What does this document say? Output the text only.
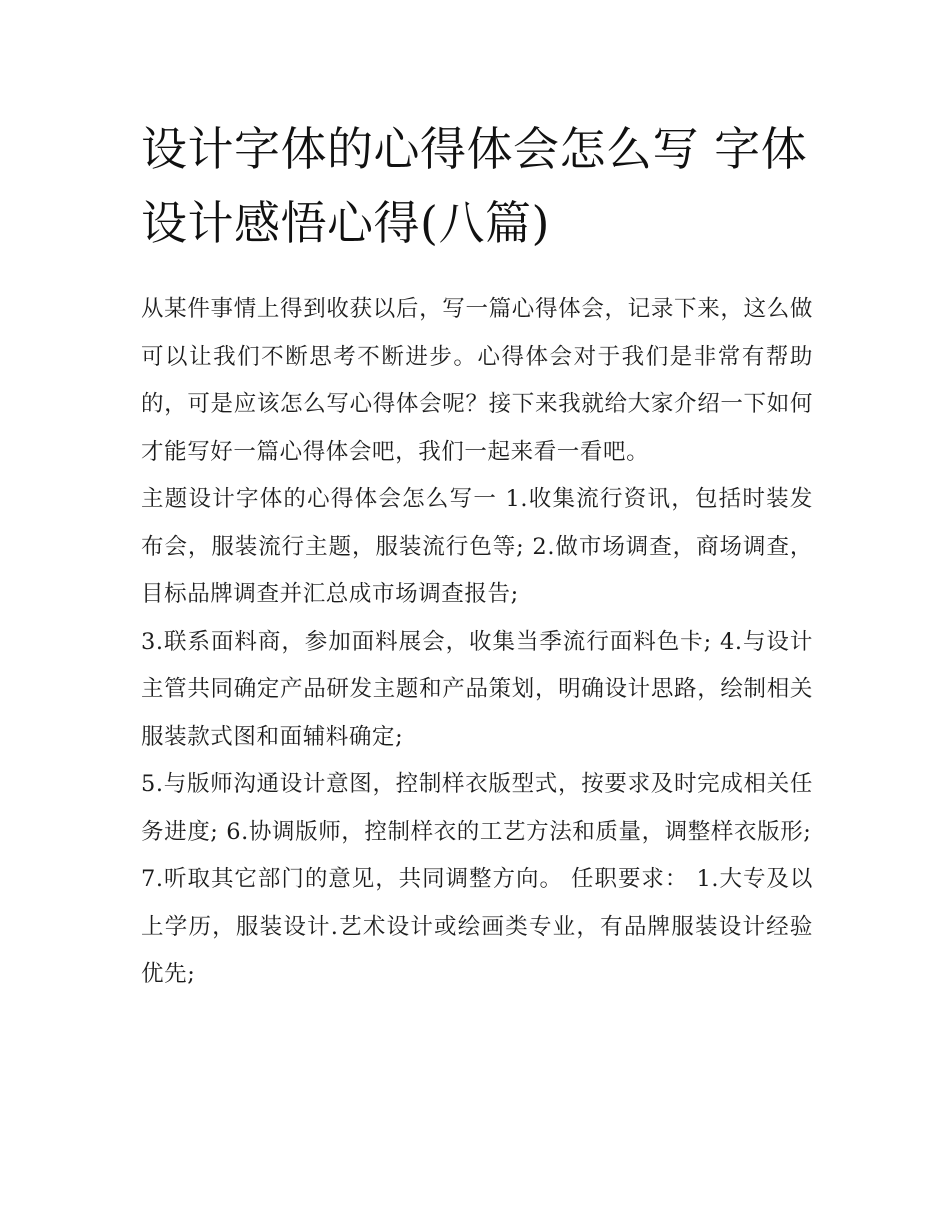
设计字体的心得体会怎么写 字体设计感悟心得(八篇)

从某件事情上得到收获以后，写一篇心得体会，记录下来，这么做可以让我们不断思考不断进步。心得体会对于我们是非常有帮助的，可是应该怎么写心得体会呢？接下来我就给大家介绍一下如何才能写好一篇心得体会吧，我们一起来看一看吧。

主题设计字体的心得体会怎么写一 1.收集流行资讯，包括时装发布会，服装流行主题，服装流行色等; 2.做市场调查，商场调查，目标品牌调查并汇总成市场调查报告;

3.联系面料商，参加面料展会，收集当季流行面料色卡; 4.与设计主管共同确定产品研发主题和产品策划，明确设计思路，绘制相关服装款式图和面辅料确定;

5.与版师沟通设计意图，控制样衣版型式，按要求及时完成相关任务进度; 6.协调版师，控制样衣的工艺方法和质量，调整样衣版形;

7.听取其它部门的意见，共同调整方向。 任职要求： 1.大专及以上学历，服装设计.艺术设计或绘画类专业，有品牌服装设计经验优先;
